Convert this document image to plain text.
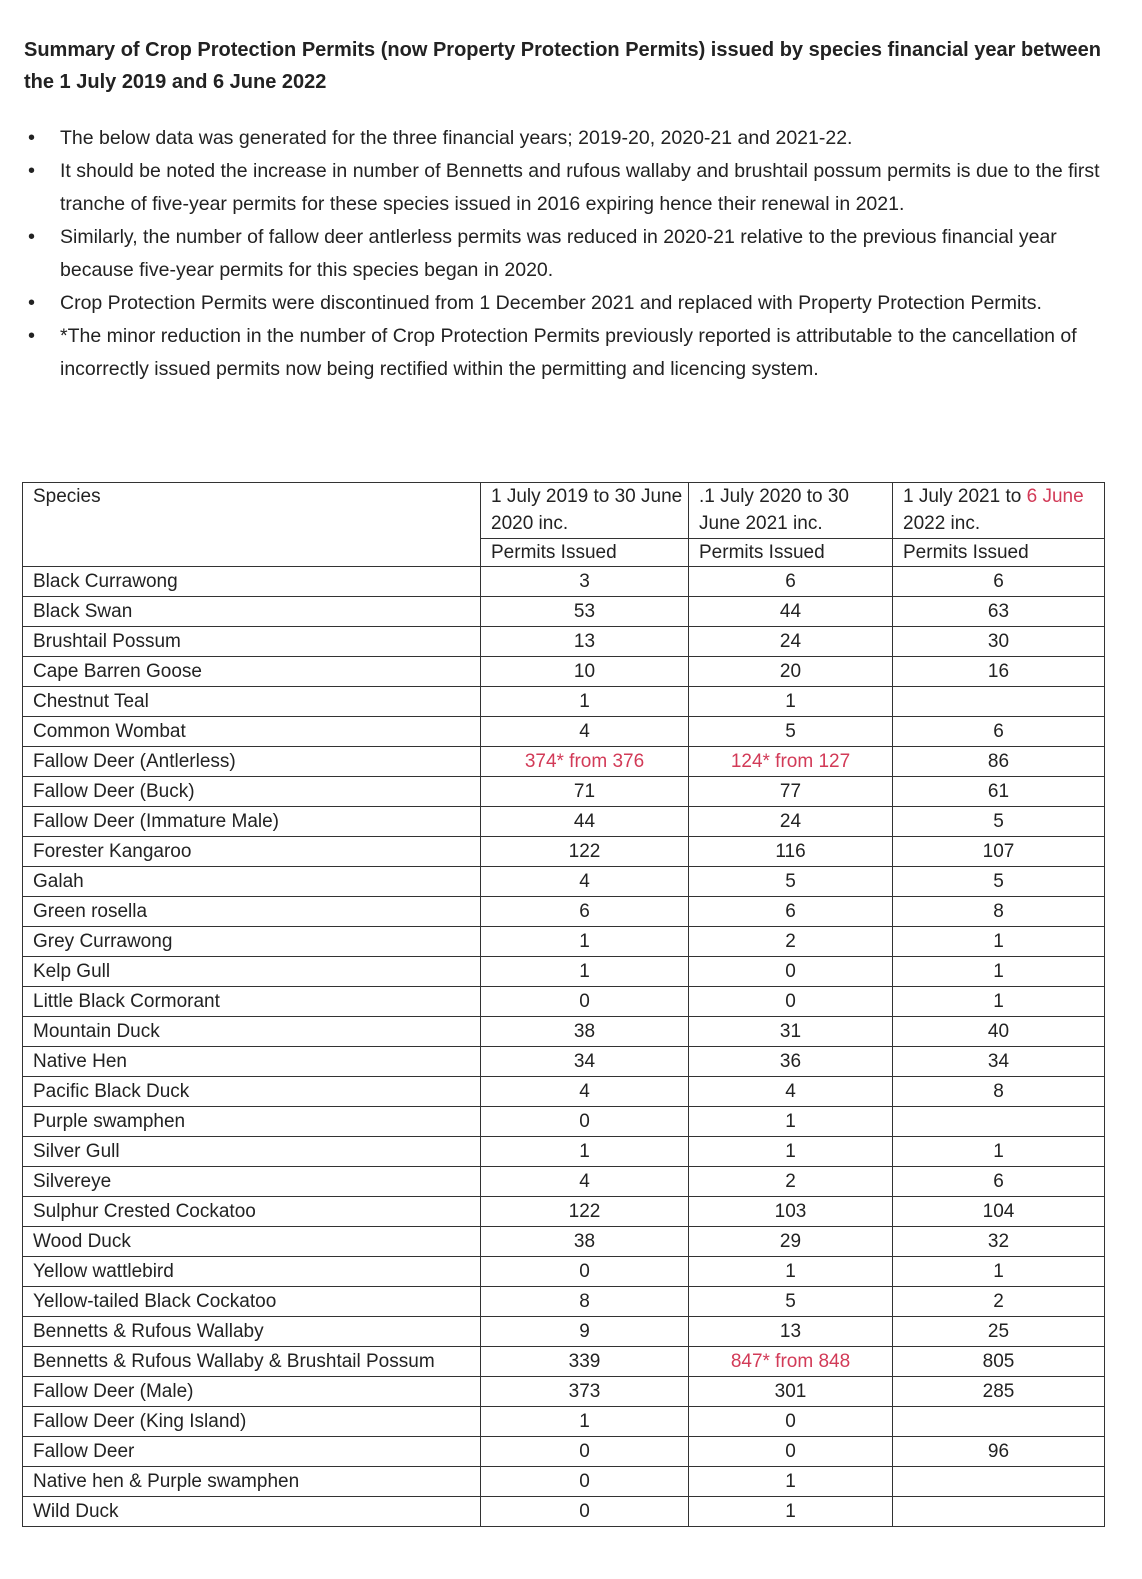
Summary of Crop Protection Permits (now Property Protection Permits) issued by species financial year between the 1 July 2019 and 6 June 2022
• The below data was generated for the three financial years; 2019-20, 2020-21 and 2021-22.
• It should be noted the increase in number of Bennetts and rufous wallaby and brushtail possum permits is due to the first tranche of five-year permits for these species issued in 2016 expiring hence their renewal in 2021.
• Similarly, the number of fallow deer antlerless permits was reduced in 2020-21 relative to the previous financial year because five-year permits for this species began in 2020.
• Crop Protection Permits were discontinued from 1 December 2021 and replaced with Property Protection Permits.
• *The minor reduction in the number of Crop Protection Permits previously reported is attributable to the cancellation of incorrectly issued permits now being rectified within the permitting and licencing system.
Species	1 July 2019 to 30 June 2020 inc.	.1 July 2020 to 30 June 2021 inc.	1 July 2021 to 6 June 2022 inc.
	Permits Issued	Permits Issued	Permits Issued
Black Currawong	3	6	6
Black Swan	53	44	63
Brushtail Possum	13	24	30
Cape Barren Goose	10	20	16
Chestnut Teal	1	1	
Common Wombat	4	5	6
Fallow Deer (Antlerless)	374* from 376	124* from 127	86
Fallow Deer (Buck)	71	77	61
Fallow Deer (Immature Male)	44	24	5
Forester Kangaroo	122	116	107
Galah	4	5	5
Green rosella	6	6	8
Grey Currawong	1	2	1
Kelp Gull	1	0	1
Little Black Cormorant	0	0	1
Mountain Duck	38	31	40
Native Hen	34	36	34
Pacific Black Duck	4	4	8
Purple swamphen	0	1	
Silver Gull	1	1	1
Silvereye	4	2	6
Sulphur Crested Cockatoo	122	103	104
Wood Duck	38	29	32
Yellow wattlebird	0	1	1
Yellow-tailed Black Cockatoo	8	5	2
Bennetts & Rufous Wallaby	9	13	25
Bennetts & Rufous Wallaby & Brushtail Possum	339	847* from 848	805
Fallow Deer (Male)	373	301	285
Fallow Deer (King Island)	1	0	
Fallow Deer	0	0	96
Native hen & Purple swamphen	0	1	
Wild Duck	0	1	
